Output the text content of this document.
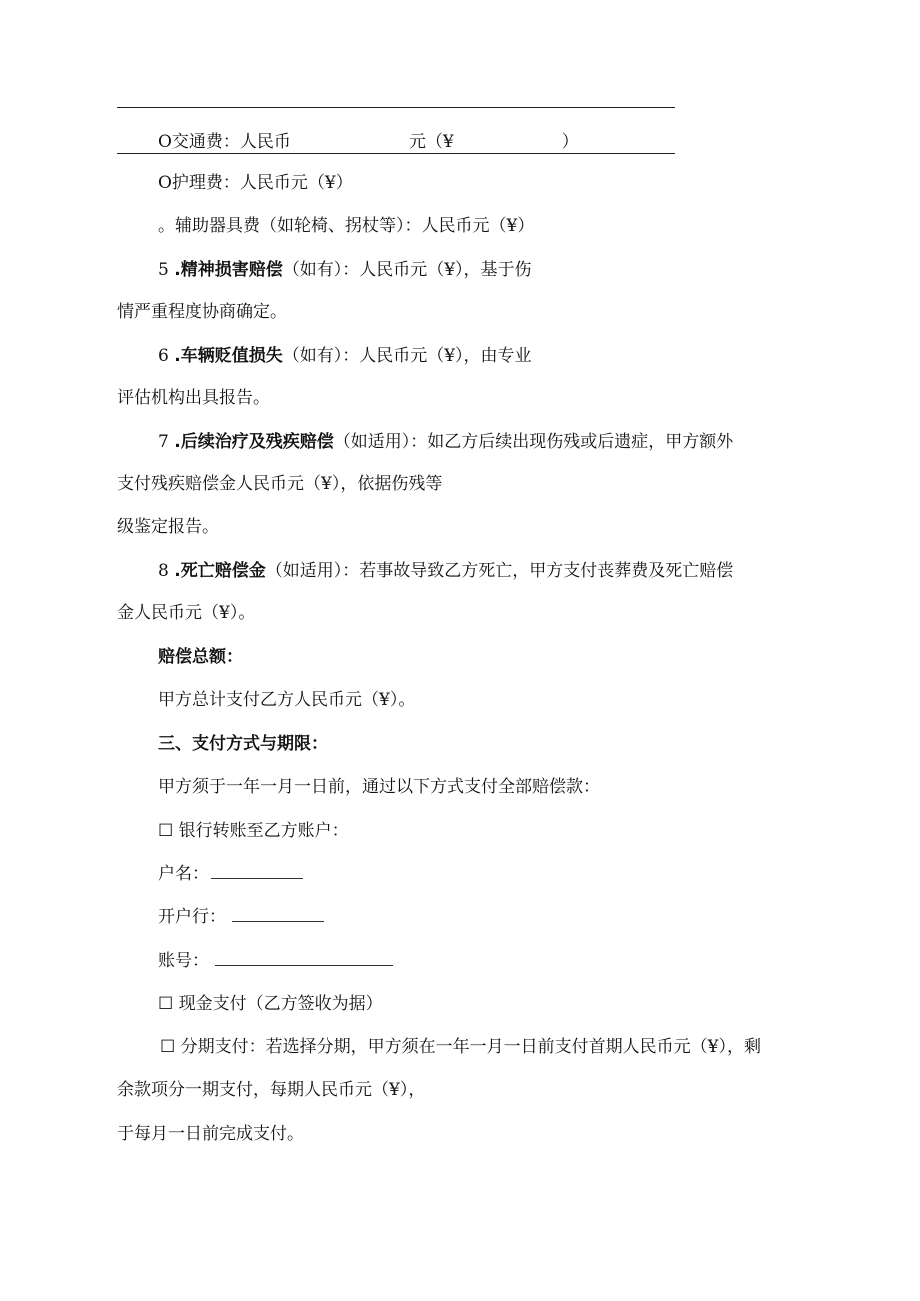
O交通费：人民币	元（¥	）
O护理费：人民币元（¥）
。辅助器具费（如轮椅、拐杖等）：人民币元（¥）
5 .精神损害赔偿（如有）：人民币元（¥），基于伤
情严重程度协商确定。
6 .车辆贬值损失（如有）：人民币元（¥），由专业
评估机构出具报告。
7 .后续治疗及残疾赔偿（如适用）：如乙方后续出现伤残或后遗症，甲方额外
支付残疾赔偿金人民币元（¥），依据伤残等
级鉴定报告。
8 .死亡赔偿金（如适用）：若事故导致乙方死亡，甲方支付丧葬费及死亡赔偿
金人民币元（¥）。
赔偿总额：
甲方总计支付乙方人民币元（¥）。
三、支付方式与期限：
甲方须于一年一月一日前，通过以下方式支付全部赔偿款：
☐ 银行转账至乙方账户：
户名：
开户行：
账号：
☐ 现金支付（乙方签收为据）
☐ 分期支付：若选择分期，甲方须在一年一月一日前支付首期人民币元（¥），剩
余款项分一期支付，每期人民币元（¥），
于每月一日前完成支付。
